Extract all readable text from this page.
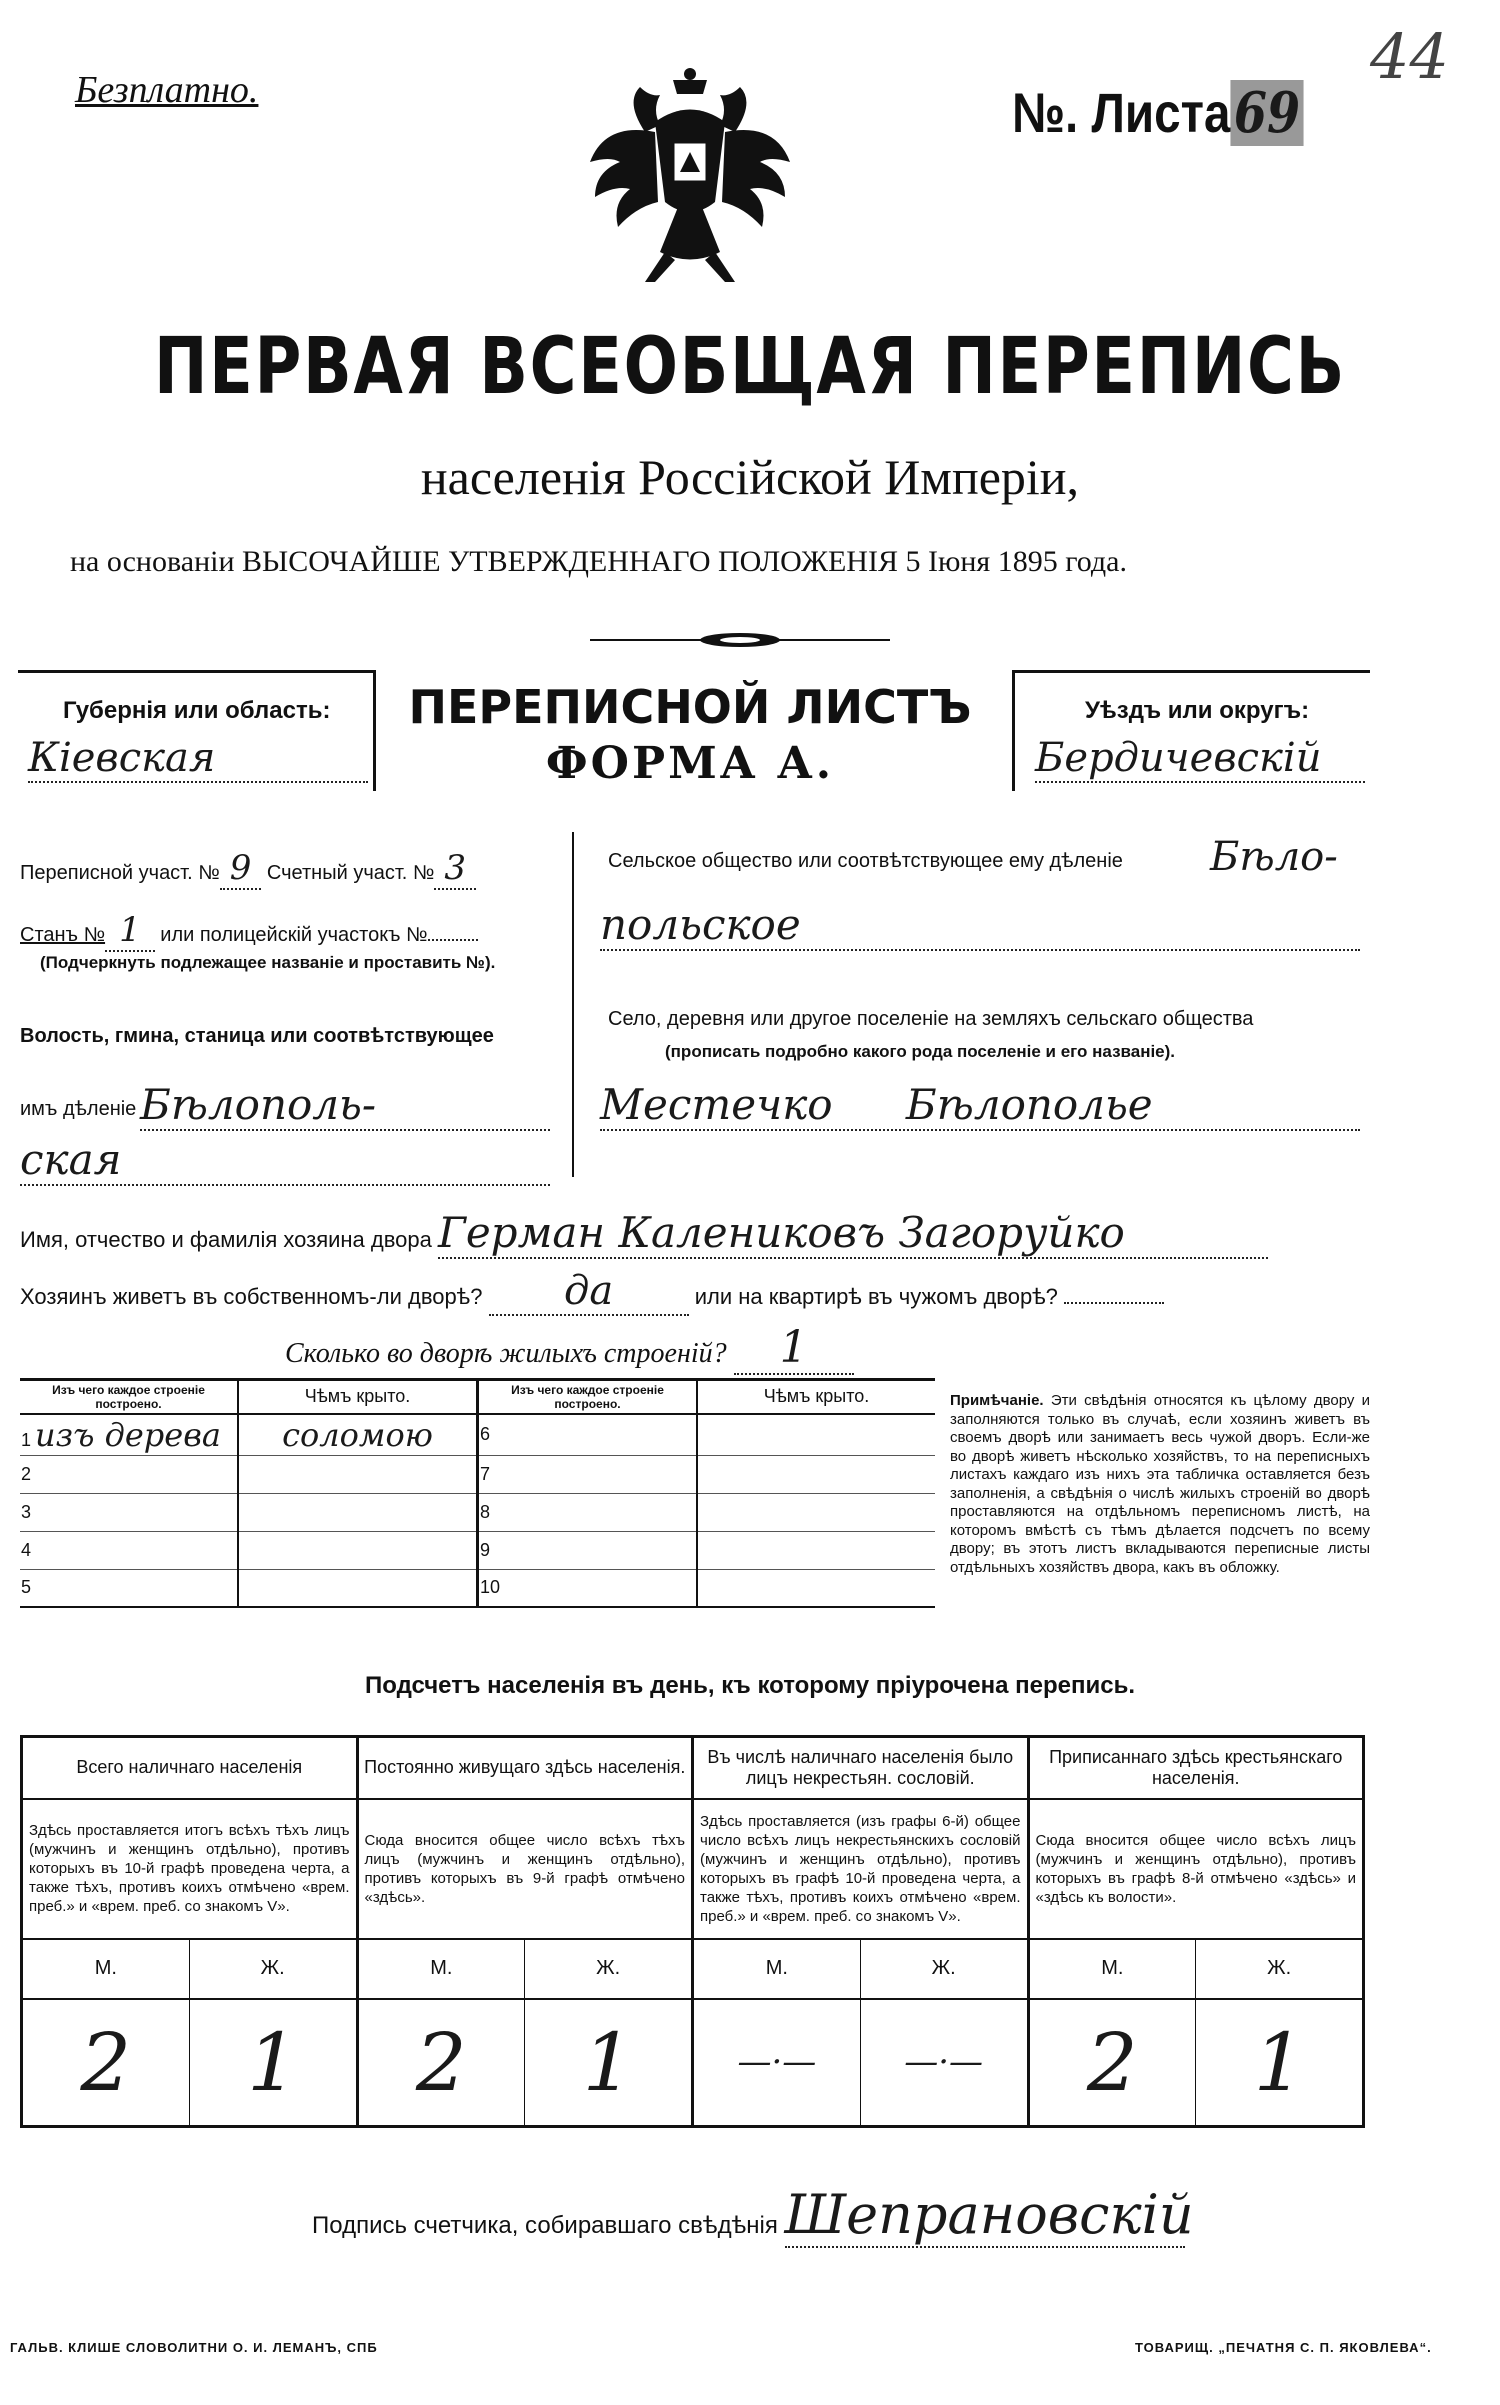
Безплатно.	№. Листа69
44
ПЕРВАЯ ВСЕОБЩАЯ ПЕРЕПИСЬ
населенія Россійской Имперіи,
на основаніи ВЫСОЧАЙШЕ УТВЕРЖДЕННАГО ПОЛОЖЕНІЯ 5 Іюня 1895 года.
Губернія или область:
Кіевская
ПЕРЕПИСНОЙ ЛИСТЪ
ФОРМА А.
Уѣздъ или округъ:
Бердичевскій
Переписной участ. № 9 Счетный участ. № 3
Станъ № 1 или полицейскій участокъ №
(Подчеркнуть подлежащее названіе и проставить №).
Волость, гмина, станица или соотвѣтствующее
имъ дѣленіе Бѣлополь-
ская
Сельское общество или соотвѣтствующее ему дѣленіе Бѣло-
польское
Село, деревня или другое поселеніе на земляхъ сельскаго общества
(прописать подробно какого рода поселеніе и его названіе).
Местечко Бѣлополье
Имя, отчество и фамилія хозяина двора Герман Калениковъ Загоруйко
Хозяинъ живетъ въ собственномъ-ли дворѣ? да	или на квартирѣ въ чужомъ дворѣ?
Сколько во дворѣ жилыхъ строеній? 1
Изъ чего каждое строеніе построено.	Чѣмъ крыто.	Изъ чего каждое строеніе построено.	Чѣмъ крыто.
1 изъ дерева	соломою	6	
2		7	
3		8	
4		9	
5		10	
Примѣчаніе. Эти свѣдѣнія относятся къ цѣлому двору и заполняются только въ случаѣ, если хозяинъ живетъ въ своемъ дворѣ или занимаетъ весь чужой дворъ. Если-же во дворѣ живетъ нѣсколько хозяйствъ, то на переписныхъ листахъ каждаго изъ нихъ эта табличка оставляется безъ заполненія, а свѣдѣнія о числѣ жилыхъ строеній во дворѣ проставляются на отдѣльномъ переписномъ листѣ, на которомъ вмѣстѣ съ тѣмъ дѣлается подсчетъ по всему двору; въ этотъ листъ вкладываются переписные листы отдѣльныхъ хозяйствъ двора, какъ въ обложку.
Подсчетъ населенія въ день, къ которому пріурочена перепись.
Всего наличнаго населенія		Постоянно живущаго здѣсь населенія.		Въ числѣ наличнаго населенія было лицъ некрестьян. сословій.		Приписаннаго здѣсь крестьянскаго населенія.	
Здѣсь проставляется итогъ всѣхъ тѣхъ лицъ (мужчинъ и женщинъ отдѣльно), противъ которыхъ въ 10-й графѣ проведена черта, а также тѣхъ, противъ коихъ отмѣчено «врем. преб.» и «врем. преб. со знакомъ V».		Сюда вносится общее число всѣхъ тѣхъ лицъ (мужчинъ и женщинъ отдѣльно), противъ которыхъ въ 9-й графѣ отмѣчено «здѣсь».		Здѣсь проставляется (изъ графы 6-й) общее число всѣхъ лицъ некрестьянскихъ сословій (мужчинъ и женщинъ отдѣльно), противъ которыхъ въ графѣ 10-й проведена черта, а также тѣхъ, противъ коихъ отмѣчено «врем. преб.» и «врем. преб. со знакомъ V».		Сюда вносится общее число всѣхъ лицъ (мужчинъ и женщинъ отдѣльно), противъ которыхъ въ графѣ 8-й отмѣчено «здѣсь» и «здѣсь къ волости».	
М.	Ж.	М.	Ж.	М.	Ж.	М.	Ж.
2	1	2	1	—·—	—·—	2	1
Подпись счетчика, собиравшаго свѣдѣнія Шепрановскій
ГАЛЬВ. КЛИШЕ СЛОВОЛИТНИ О. И. ЛЕМАНЪ, СПБ	ТОВАРИЩ. „ПЕЧАТНЯ С. П. ЯКОВЛЕВА“.
